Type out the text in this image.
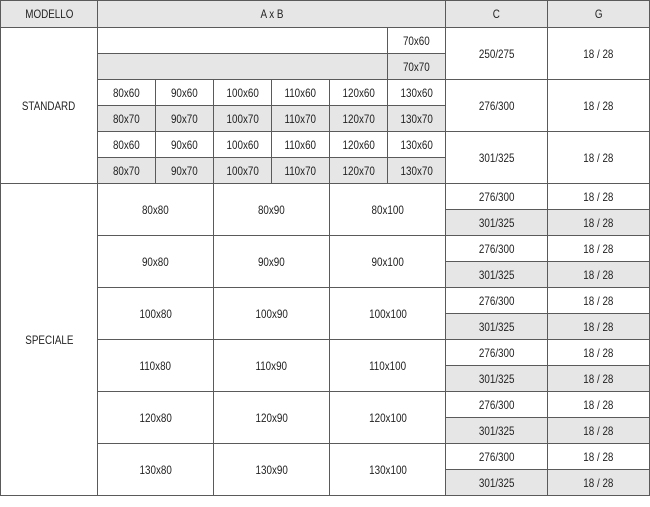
MODELLO	A x B						C	G
STANDARD						70x60	250/275	18 / 28
						70x70		
	80x60	90x60	100x60	110x60	120x60	130x60	276/300	18 / 28
	80x70	90x70	100x70	110x70	120x70	130x70		
	80x60	90x60	100x60	110x60	120x60	130x60	301/325	18 / 28
	80x70	90x70	100x70	110x70	120x70	130x70		
SPECIALE	80x80		80x90		80x100		276/300	18 / 28
							301/325	18 / 28
	90x80		90x90		90x100		276/300	18 / 28
							301/325	18 / 28
	100x80		100x90		100x100		276/300	18 / 28
							301/325	18 / 28
	110x80		110x90		110x100		276/300	18 / 28
							301/325	18 / 28
	120x80		120x90		120x100		276/300	18 / 28
							301/325	18 / 28
	130x80		130x90		130x100		276/300	18 / 28
							301/325	18 / 28
